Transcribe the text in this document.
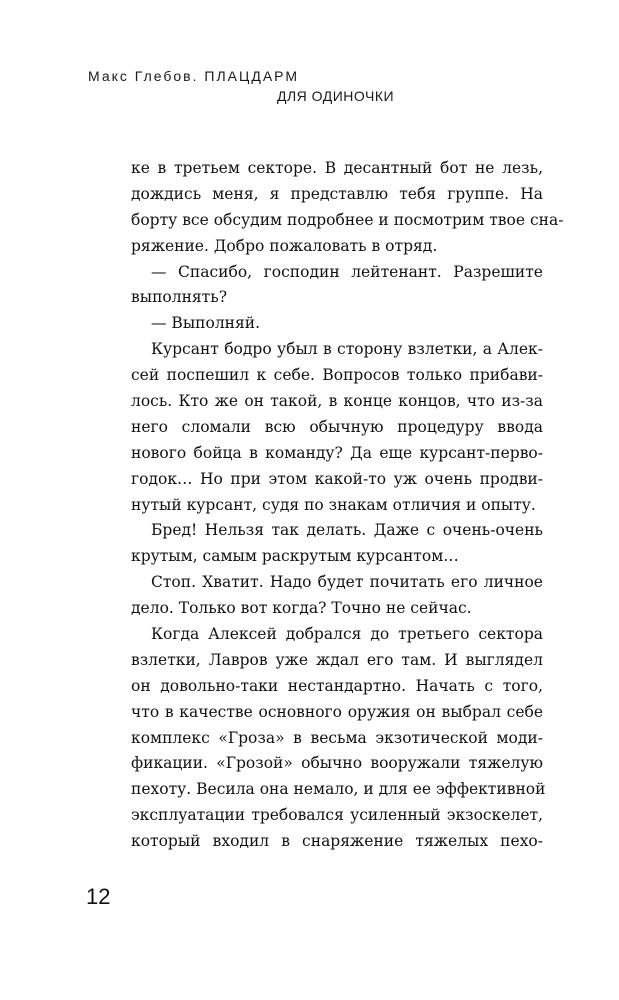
Макс Глебов. ПЛАЦДАРМ
ДЛЯ ОДИНОЧКИ
ке в третьем секторе. В десантный бот не лезь,
дождись меня, я представлю тебя группе. На
борту все обсудим подробнее и посмотрим твое сна-
ряжение. Добро пожаловать в отряд.
— Спасибо, господин лейтенант. Разрешите
выполнять?
— Выполняй.
Курсант бодро убыл в сторону взлетки, а Алек-
сей поспешил к себе. Вопросов только прибави-
лось. Кто же он такой, в конце концов, что из-за
него сломали всю обычную процедуру ввода
нового бойца в команду? Да еще курсант-перво-
годок… Но при этом какой-то уж очень продви-
нутый курсант, судя по знакам отличия и опыту.
Бред! Нельзя так делать. Даже с очень-очень
крутым, самым раскрутым курсантом…
Стоп. Хватит. Надо будет почитать его личное
дело. Только вот когда? Точно не сейчас.
Когда Алексей добрался до третьего сектора
взлетки, Лавров уже ждал его там. И выглядел
он довольно-таки нестандартно. Начать с того,
что в качестве основного оружия он выбрал себе
комплекс «Гроза» в весьма экзотической моди-
фикации. «Грозой» обычно вооружали тяжелую
пехоту. Весила она немало, и для ее эффективной
эксплуатации требовался усиленный экзоскелет,
который входил в снаряжение тяжелых пехо-
12
